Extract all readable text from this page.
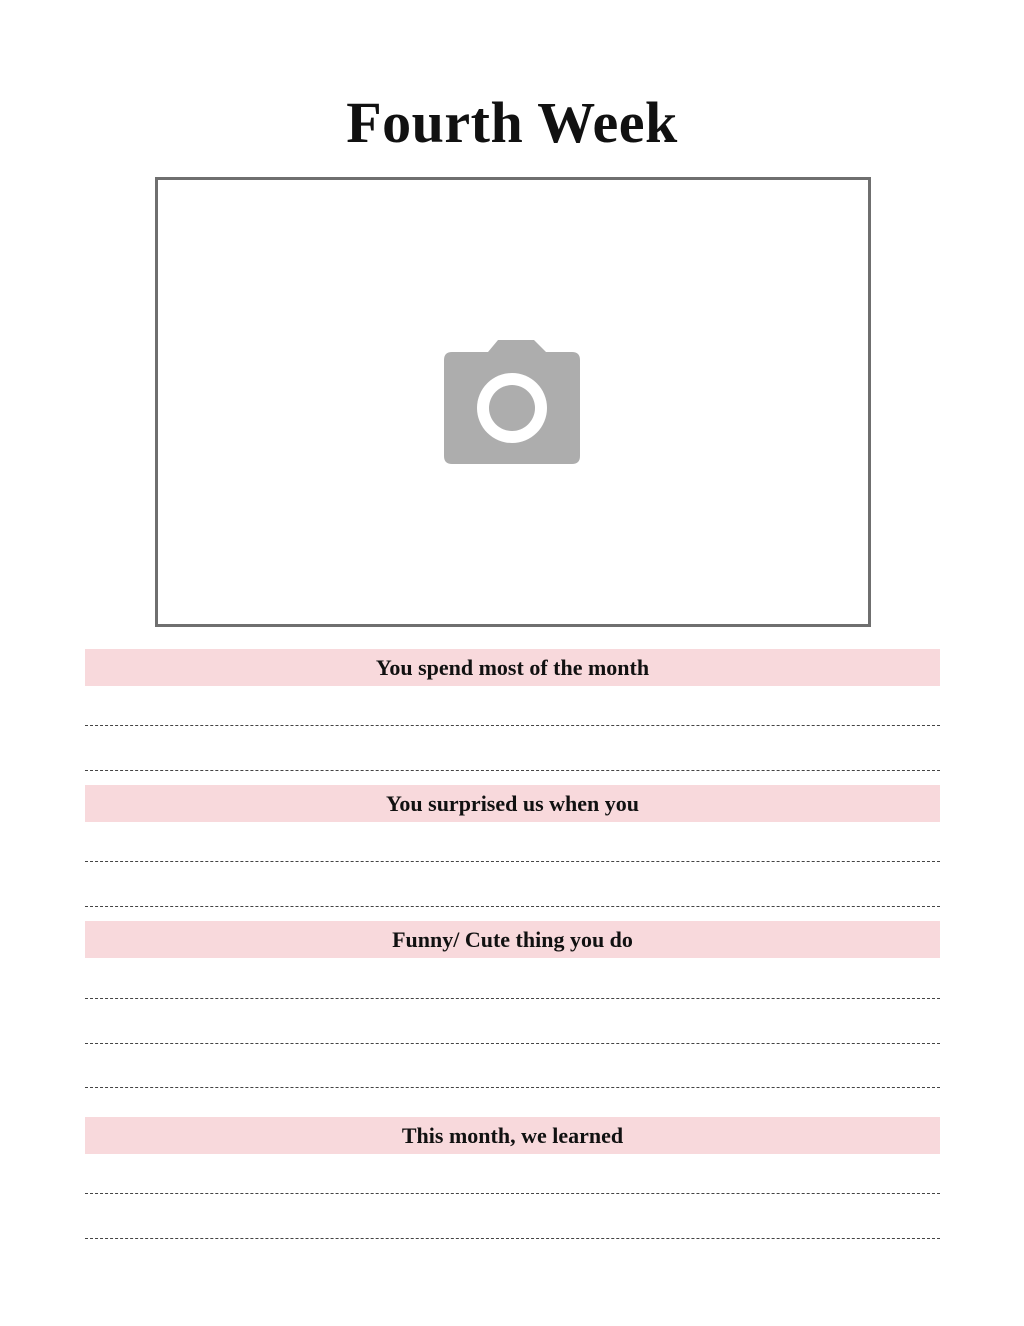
Fourth Week
You spend most of the month
You surprised us when you
Funny/ Cute thing you do
This month, we learned
